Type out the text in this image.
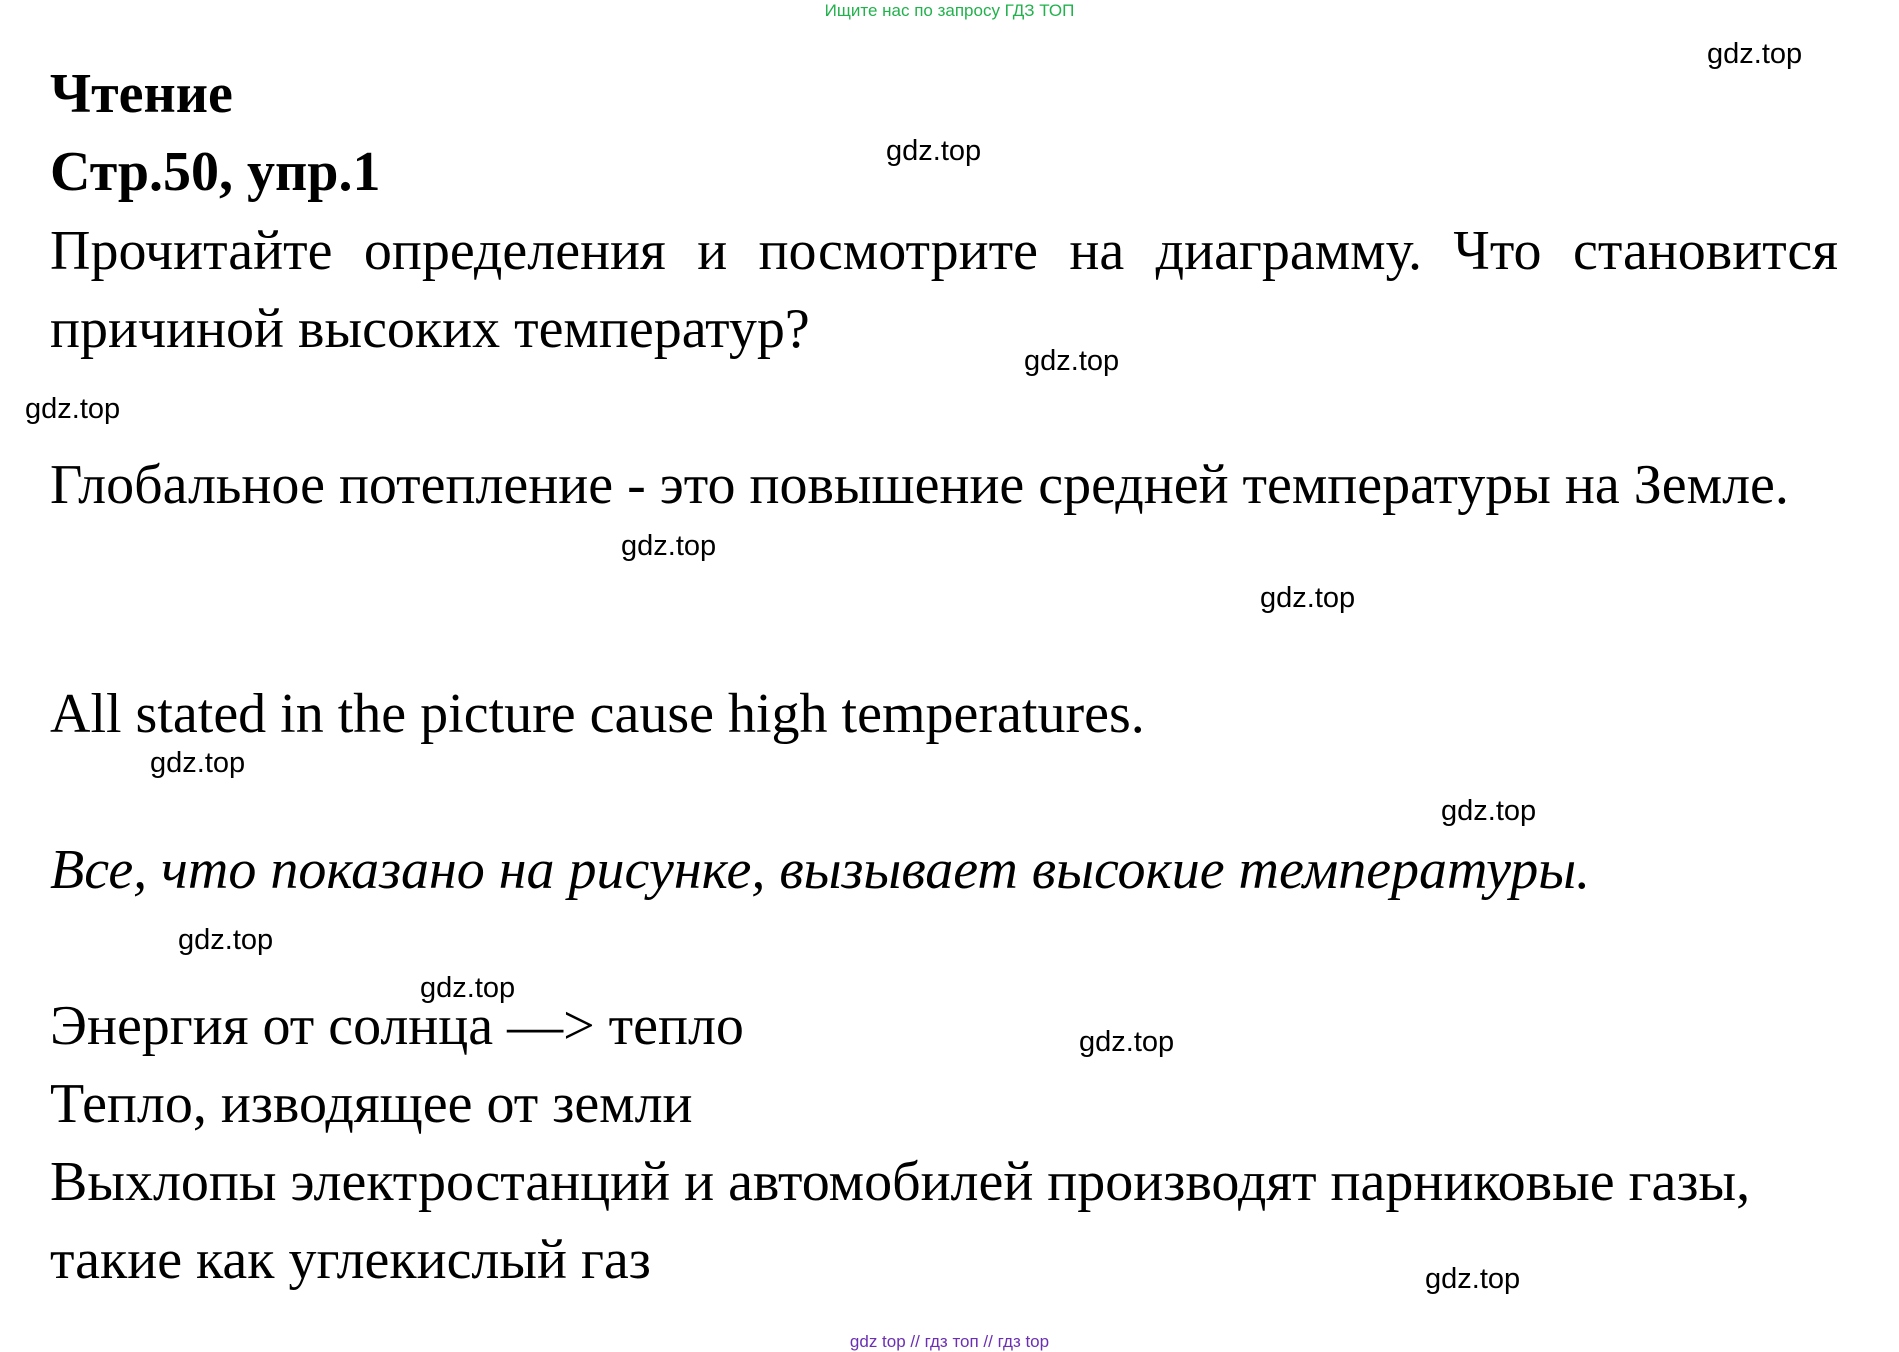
Ищите нас по запросу ГДЗ ТОП
Чтение
Стр.50, упр.1

Прочитайте определения и посмотрите на диаграмму. Что становится причиной высоких температур?

Глобальное потепление - это повышение средней температуры на Земле.

All stated in the picture cause high temperatures.
Все, что показано на рисунке, вызывает высокие температуры.
Энергия от солнца —> тепло
Тепло, изводящее от земли
Выхлопы электростанций и автомобилей производят парниковые газы,
такие как углекислый газ
gdz.top
gdz.top
gdz.top
gdz.top
gdz.top
gdz.top
gdz.top
gdz.top
gdz.top
gdz.top
gdz.top
gdz.top
gdz top // гдз топ // гдз top
